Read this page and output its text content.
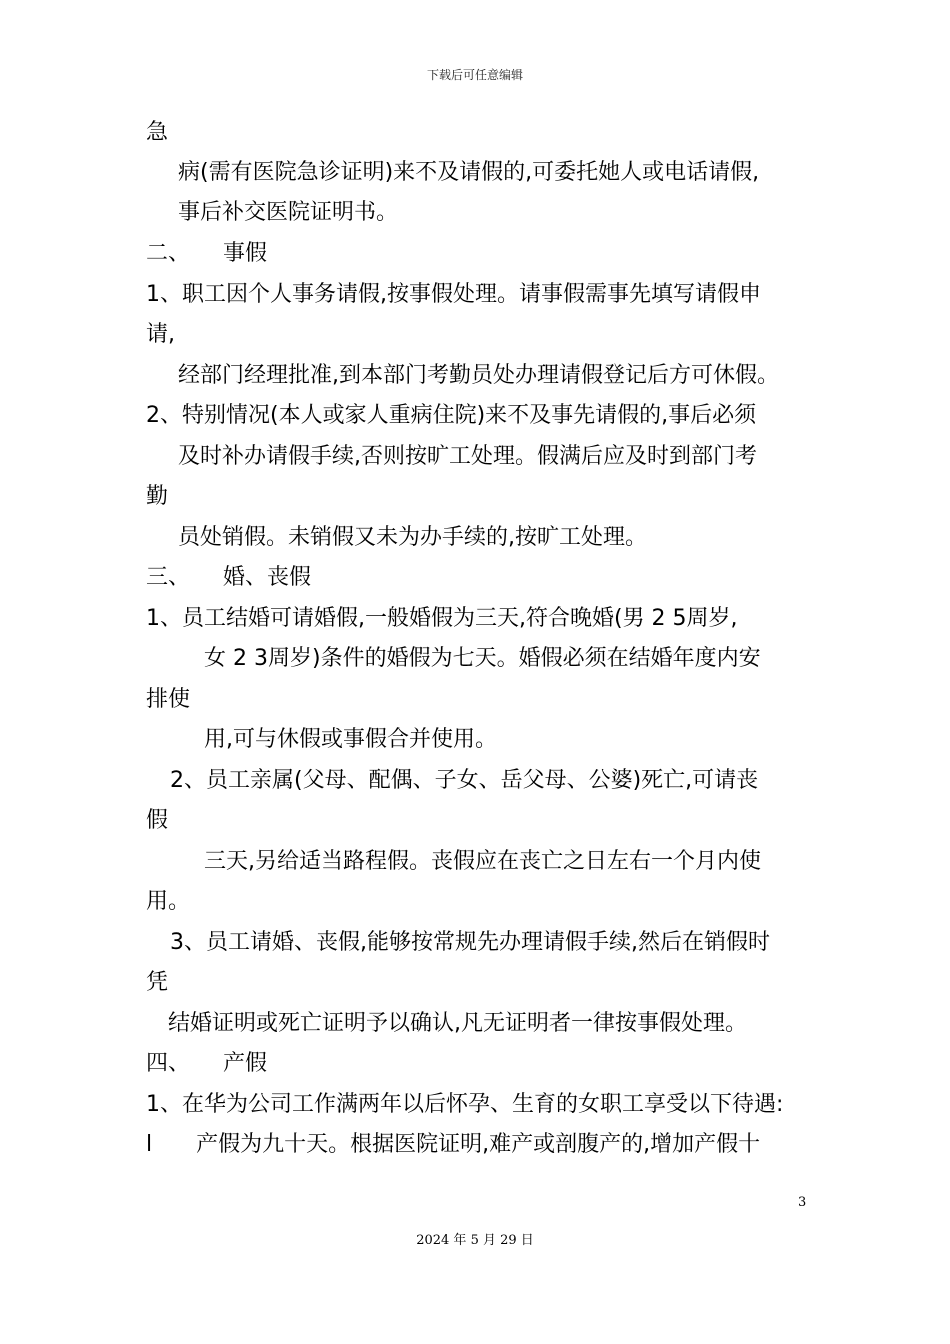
下载后可任意编辑
急
病(需有医院急诊证明)来不及请假的,可委托她人或电话请假,
事后补交医院证明书。
二、　　事假
1、职工因个人事务请假,按事假处理。请事假需事先填写请假申
请,
经部门经理批准,到本部门考勤员处办理请假登记后方可休假。
2、特别情况(本人或家人重病住院)来不及事先请假的,事后必须
及时补办请假手续,否则按旷工处理。假满后应及时到部门考
勤
员处销假。未销假又未为办手续的,按旷工处理。
三、　　婚、丧假
1、员工结婚可请婚假,一般婚假为三天,符合晚婚(男 2 5周岁,
女 2 3周岁)条件的婚假为七天。婚假必须在结婚年度内安
排使
用,可与休假或事假合并使用。
2、员工亲属(父母、配偶、子女、岳父母、公婆)死亡,可请丧
假
三天,另给适当路程假。丧假应在丧亡之日左右一个月内使
用。
3、员工请婚、丧假,能够按常规先办理请假手续,然后在销假时
凭
结婚证明或死亡证明予以确认,凡无证明者一律按事假处理。
四、　　产假
1、在华为公司工作满两年以后怀孕、生育的女职工享受以下待遇:
l　　产假为九十天。根据医院证明,难产或剖腹产的,增加产假十
3
2024 年 5 月 29 日
